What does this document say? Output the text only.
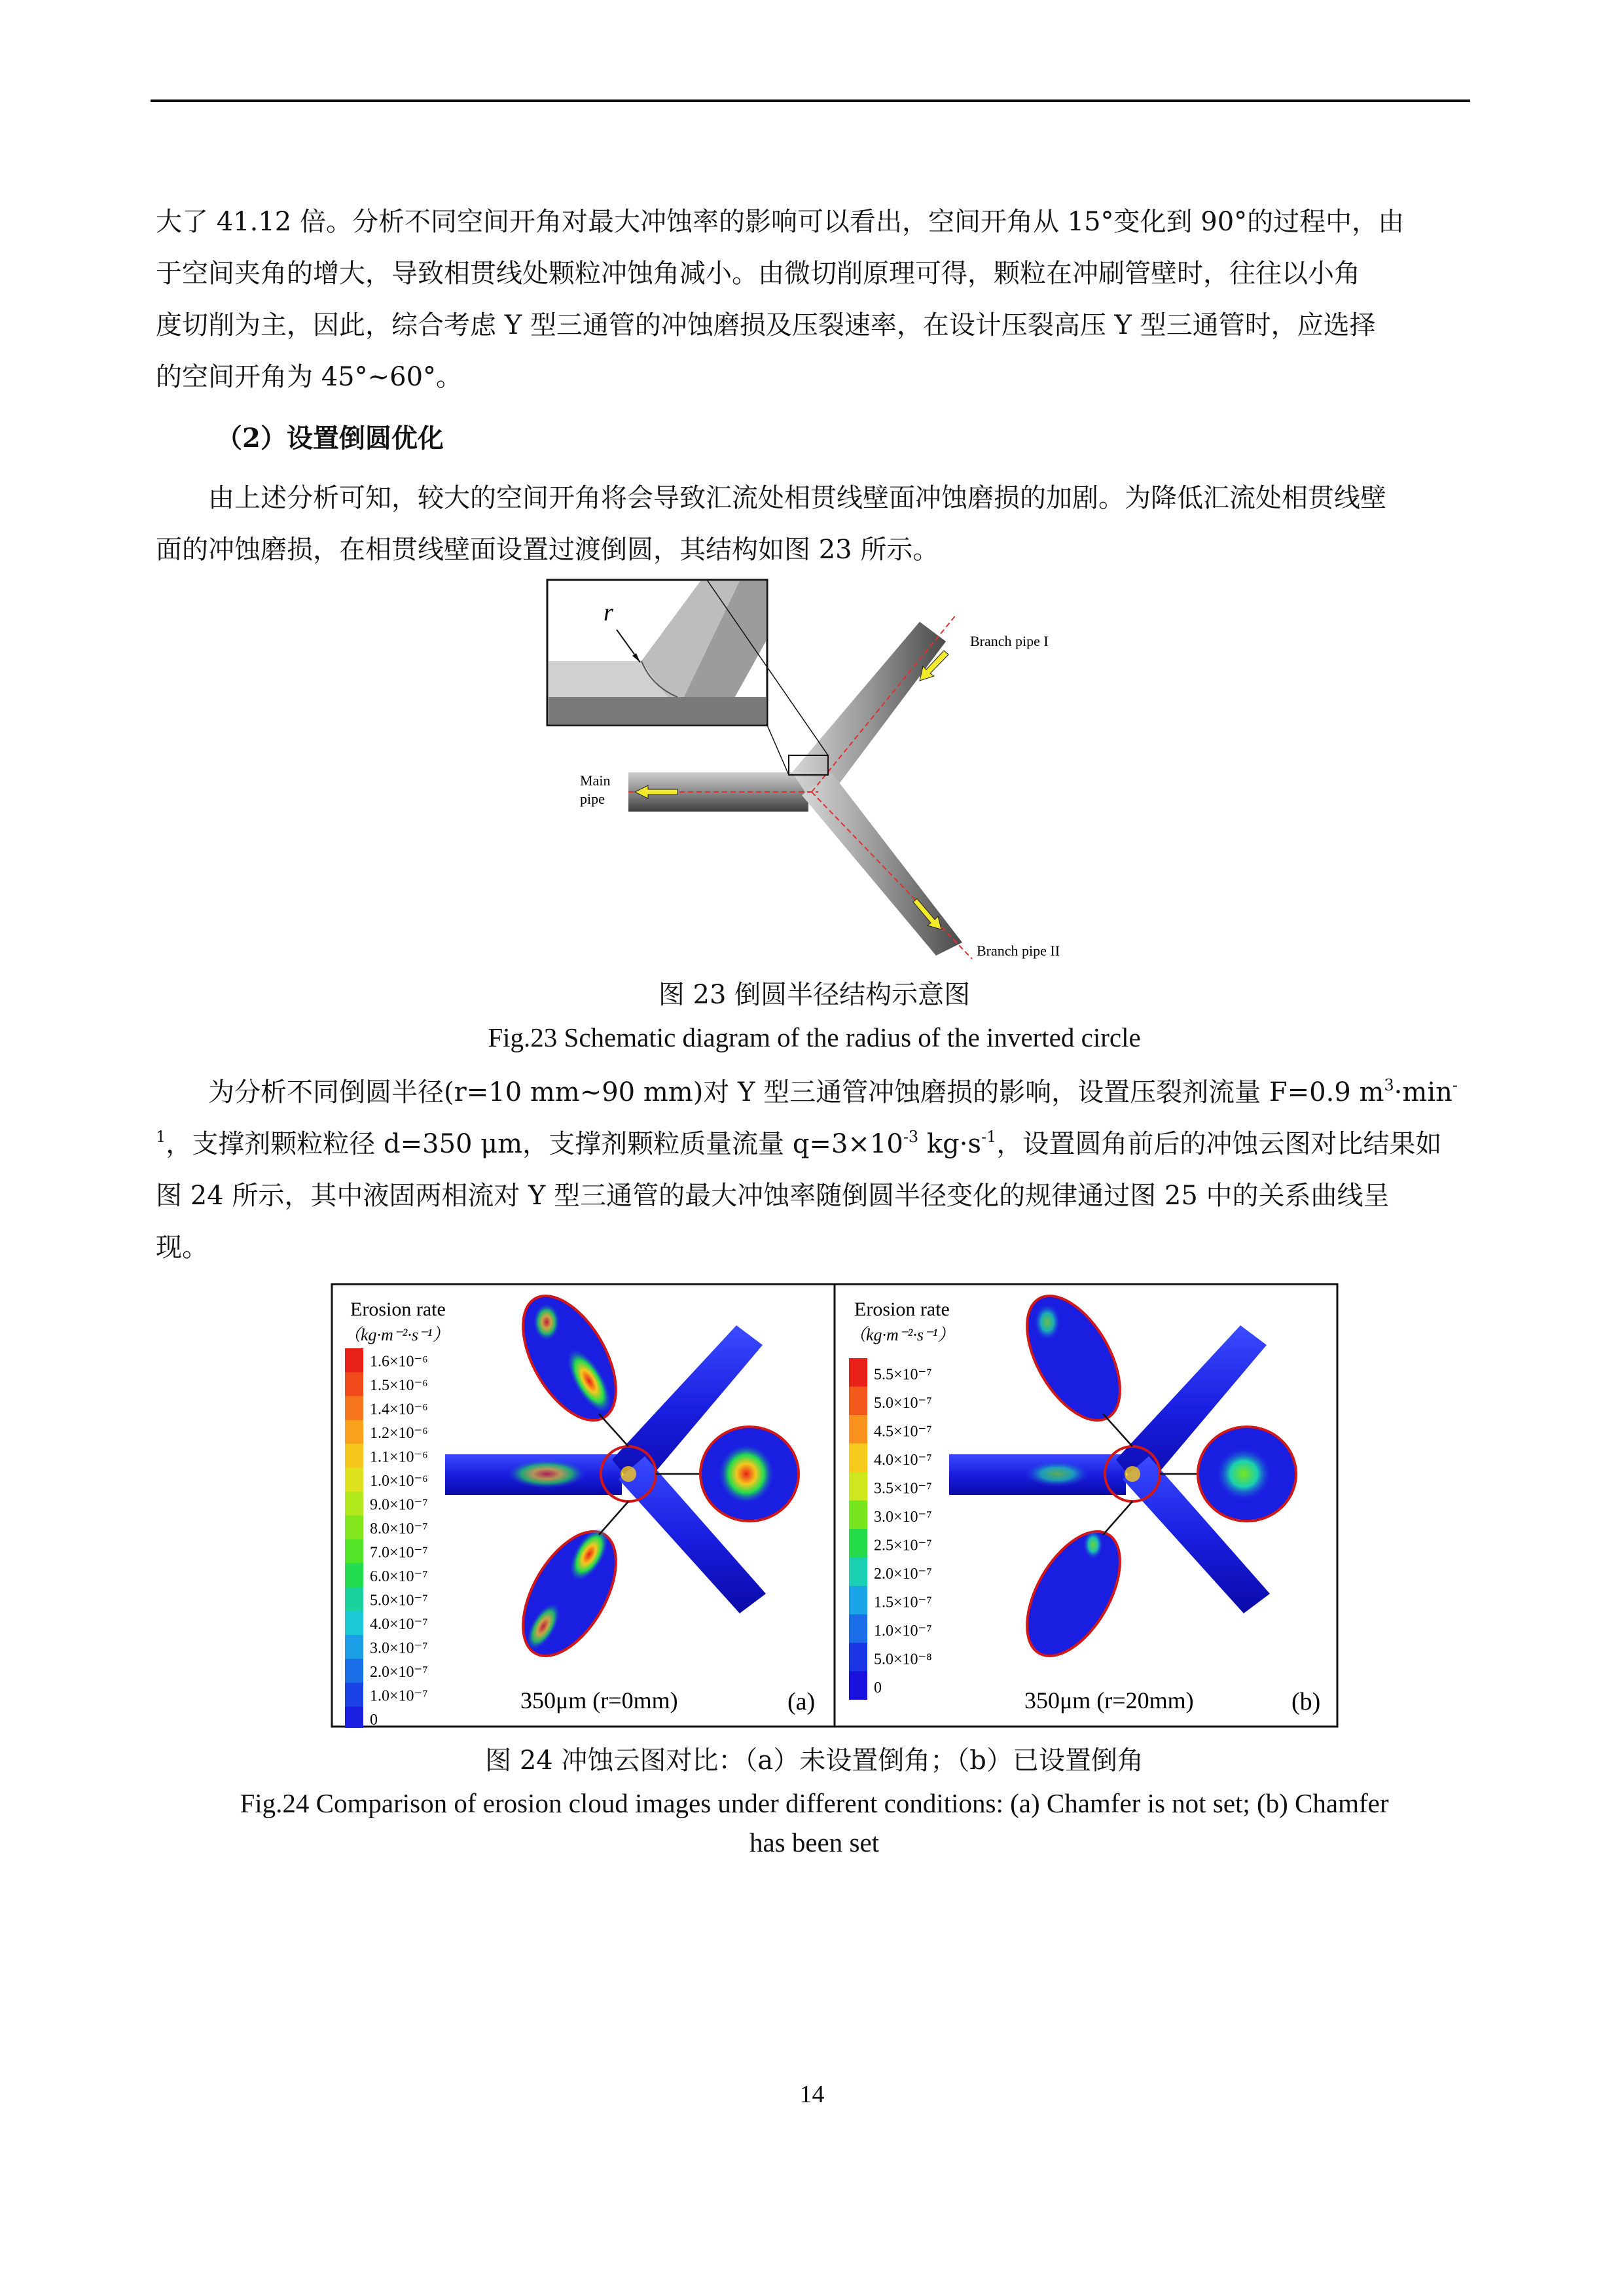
大了 41.12 倍。分析不同空间开角对最大冲蚀率的影响可以看出，空间开角从 15°变化到 90°的过程中，由
于空间夹角的增大，导致相贯线处颗粒冲蚀角减小。由微切削原理可得，颗粒在冲刷管壁时，往往以小角
度切削为主，因此，综合考虑 Y 型三通管的冲蚀磨损及压裂速率，在设计压裂高压 Y 型三通管时，应选择
的空间开角为 45°~60°。
（2）设置倒圆优化
　　由上述分析可知，较大的空间开角将会导致汇流处相贯线壁面冲蚀磨损的加剧。为降低汇流处相贯线壁
面的冲蚀磨损，在相贯线壁面设置过渡倒圆，其结构如图 23 所示。
r
Branch pipe I
Branch pipe II
Main
pipe
图 23 倒圆半径结构示意图
Fig.23 Schematic diagram of the radius of the inverted circle
　　为分析不同倒圆半径(r=10 mm~90 mm)对 Y 型三通管冲蚀磨损的影响，设置压裂剂流量 F=0.9 $m^3\cdot\min^-$
$^1$，支撑剂颗粒粒径 d=350 μm，支撑剂颗粒质量流量 $q=3\times 10^{-3}$ $kg\cdot s^{-1}$，设置圆角前后的冲蚀云图对比结果如
图 24 所示，其中液固两相流对 Y 型三通管的最大冲蚀率随倒圆半径变化的规律通过图 25 中的关系曲线呈
现。
Erosion rate
（kg·m⁻²·s⁻¹）
1.6×10⁻⁶
1.5×10⁻⁶
1.4×10⁻⁶
1.2×10⁻⁶
1.1×10⁻⁶
1.0×10⁻⁶
9.0×10⁻⁷
8.0×10⁻⁷
7.0×10⁻⁷
6.0×10⁻⁷
5.0×10⁻⁷
4.0×10⁻⁷
3.0×10⁻⁷
2.0×10⁻⁷
1.0×10⁻⁷
0
350μm (r=0mm)	(a)
Erosion rate
（kg·m⁻²·s⁻¹）
5.5×10⁻⁷
5.0×10⁻⁷
4.5×10⁻⁷
4.0×10⁻⁷
3.5×10⁻⁷
3.0×10⁻⁷
2.5×10⁻⁷
2.0×10⁻⁷
1.5×10⁻⁷
1.0×10⁻⁷
5.0×10⁻⁸
0	350μm (r=20mm)	(b)
图 24 冲蚀云图对比：（a）未设置倒角；（b）已设置倒角
Fig.24 Comparison of erosion cloud images under different conditions: (a) Chamfer is not set; (b) Chamfer
has been set
14
